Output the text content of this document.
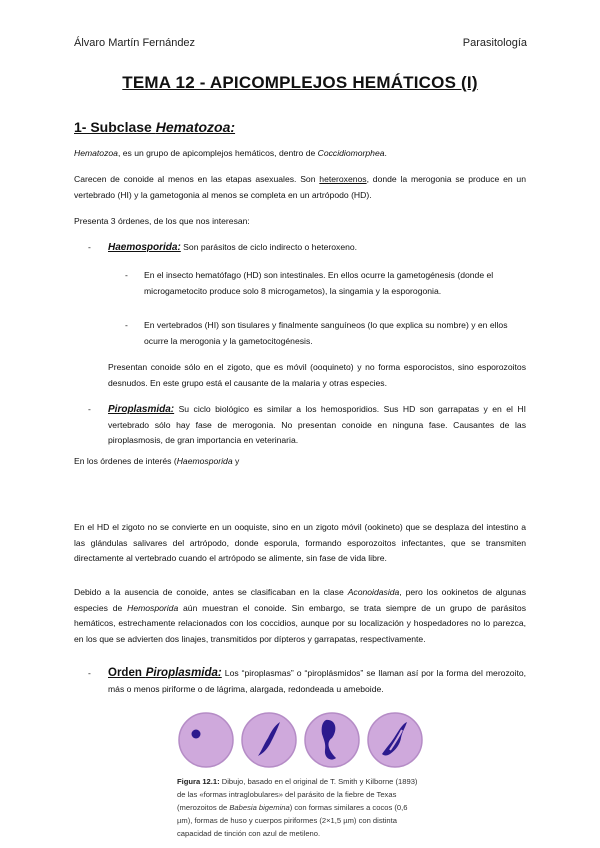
Álvaro Martín Fernández	Parasitología
TEMA 12 - APICOMPLEJOS HEMÁTICOS (I)
1- Subclase Hematozoa:
Hematozoa, es un grupo de apicomplejos hemáticos, dentro de Coccidiomorphea.
Carecen de conoide al menos en las etapas asexuales. Son heteroxenos, donde la merogonia se produce en un vertebrado (HI) y la gametogonia al menos se completa en un artrópodo (HD).
Presenta 3 órdenes, de los que nos interesan:
- Haemosporida: Son parásitos de ciclo indirecto o heteroxeno.
- En el insecto hematófago (HD) son intestinales. En ellos ocurre la gametogénesis (donde el microgametocito produce solo 8 microgametos), la singamia y la esporogonia.
- En vertebrados (HI) son tisulares y finalmente sanguíneos (lo que explica su nombre) y en ellos ocurre la merogonia y la gametocitogénesis.
Presentan conoide sólo en el zigoto, que es móvil (ooquineto) y no forma esporocistos, sino esporozoitos desnudos. En este grupo está el causante de la malaria y otras especies.
- Piroplasmida: Su ciclo biológico es similar a los hemosporidios. Sus HD son garrapatas y en el HI vertebrado sólo hay fase de merogonia. No presentan conoide en ninguna fase. Causantes de las piroplasmosis, de gran importancia en veterinaria.
En los órdenes de interés (Haemosporida y
En el HD el zigoto no se convierte en un ooquiste, sino en un zigoto móvil (ookineto) que se desplaza del intestino a las glándulas salivares del artrópodo, donde esporula, formando esporozoitos infectantes, que se transmiten directamente al vertebrado cuando el artrópodo se alimente, sin fase de vida libre.
Debido a la ausencia de conoide, antes se clasificaban en la clase Aconoidasida, pero los ookinetos de algunas especies de Hemosporida aún muestran el conoide. Sin embargo, se trata siempre de un grupo de parásitos hemáticos, estrechamente relacionados con los coccidios, aunque por su localización y hospedadores no lo parezca, en los que se advierten dos linajes, transmitidos por dípteros y garrapatas, respectivamente.
- Orden Piroplasmida: Los “piroplasmas” o “piroplásmidos” se llaman así por la forma del merozoito, más o menos piriforme o de lágrima, alargada, redondeada u ameboide.
Figura 12.1: Dibujo, basado en el original de T. Smith y Kilborne (1893) de las «formas intraglobulares» del parásito de la fiebre de Texas (merozoitos de Babesia bigemina) con formas similares a cocos (0,6 µm), formas de huso y cuerpos piriformes (2×1,5 µm) con distinta capacidad de tinción con azul de metileno.
